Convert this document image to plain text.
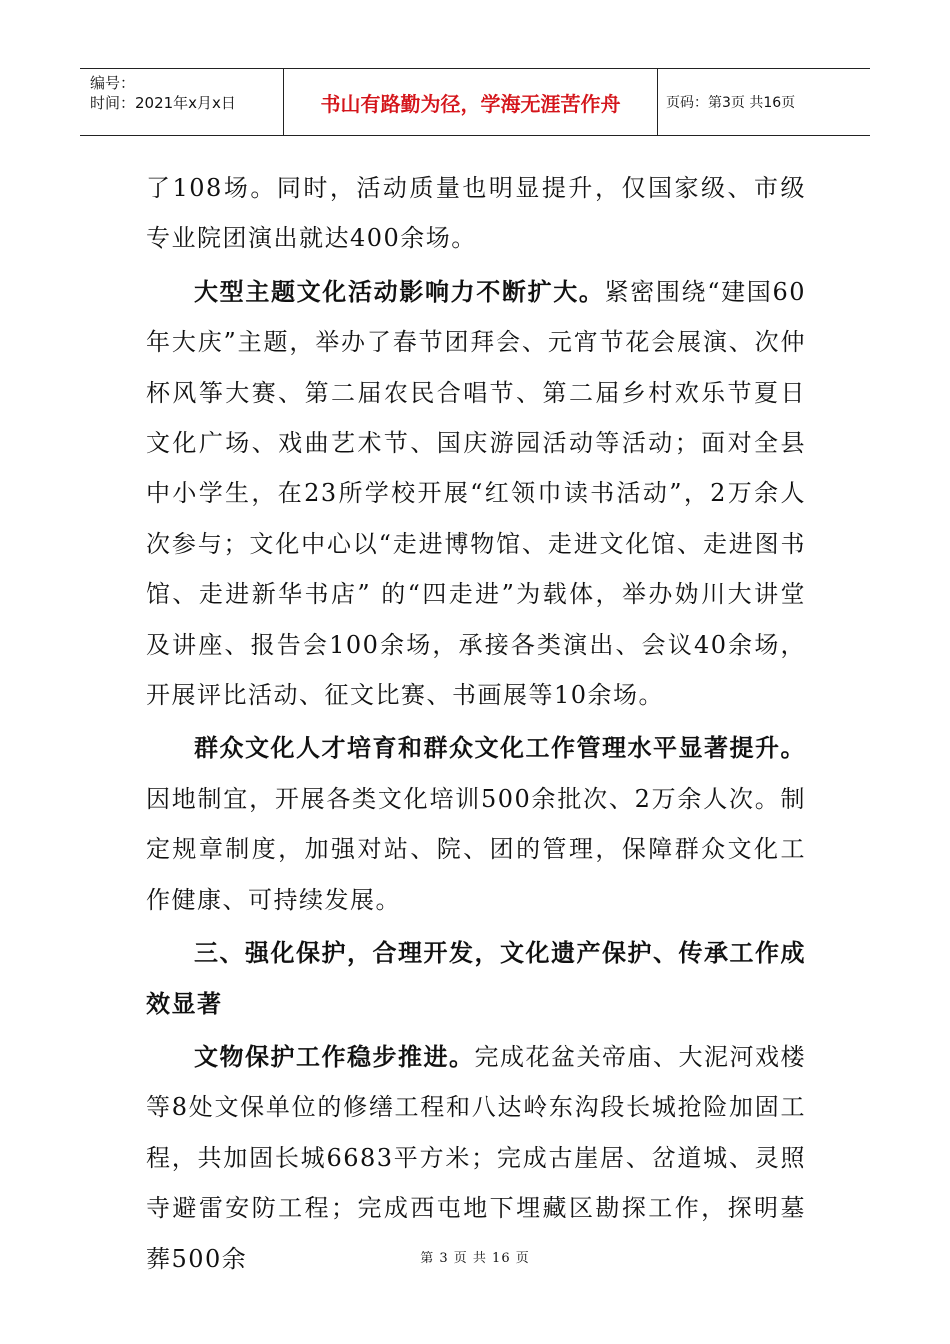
编号：
时间：2021年x月x日	书山有路勤为径，学海无涯苦作舟	页码：第3页 共16页

了108场。同时，活动质量也明显提升，仅国家级、市级专业院团演出就达400余场。

大型主题文化活动影响力不断扩大。紧密围绕“建国60年大庆”主题，举办了春节团拜会、元宵节花会展演、次仲杯风筝大赛、第二届农民合唱节、第二届乡村欢乐节夏日文化广场、戏曲艺术节、国庆游园活动等活动；面对全县中小学生，在23所学校开展“红领巾读书活动”，2万余人次参与；文化中心以“走进博物馆、走进文化馆、走进图书馆、走进新华书店” 的“四走进”为载体，举办妫川大讲堂及讲座、报告会100余场，承接各类演出、会议40余场，开展评比活动、征文比赛、书画展等10余场。

群众文化人才培育和群众文化工作管理水平显著提升。因地制宜，开展各类文化培训500余批次、2万余人次。制定规章制度，加强对站、院、团的管理，保障群众文化工作健康、可持续发展。

三、强化保护，合理开发，文化遗产保护、传承工作成效显著

文物保护工作稳步推进。完成花盆关帝庙、大泥河戏楼等8处文保单位的修缮工程和八达岭东沟段长城抢险加固工程，共加固长城6683平方米；完成古崖居、岔道城、灵照寺避雷安防工程；完成西屯地下埋藏区勘探工作，探明墓葬500余	第 3 页 共 16 页
